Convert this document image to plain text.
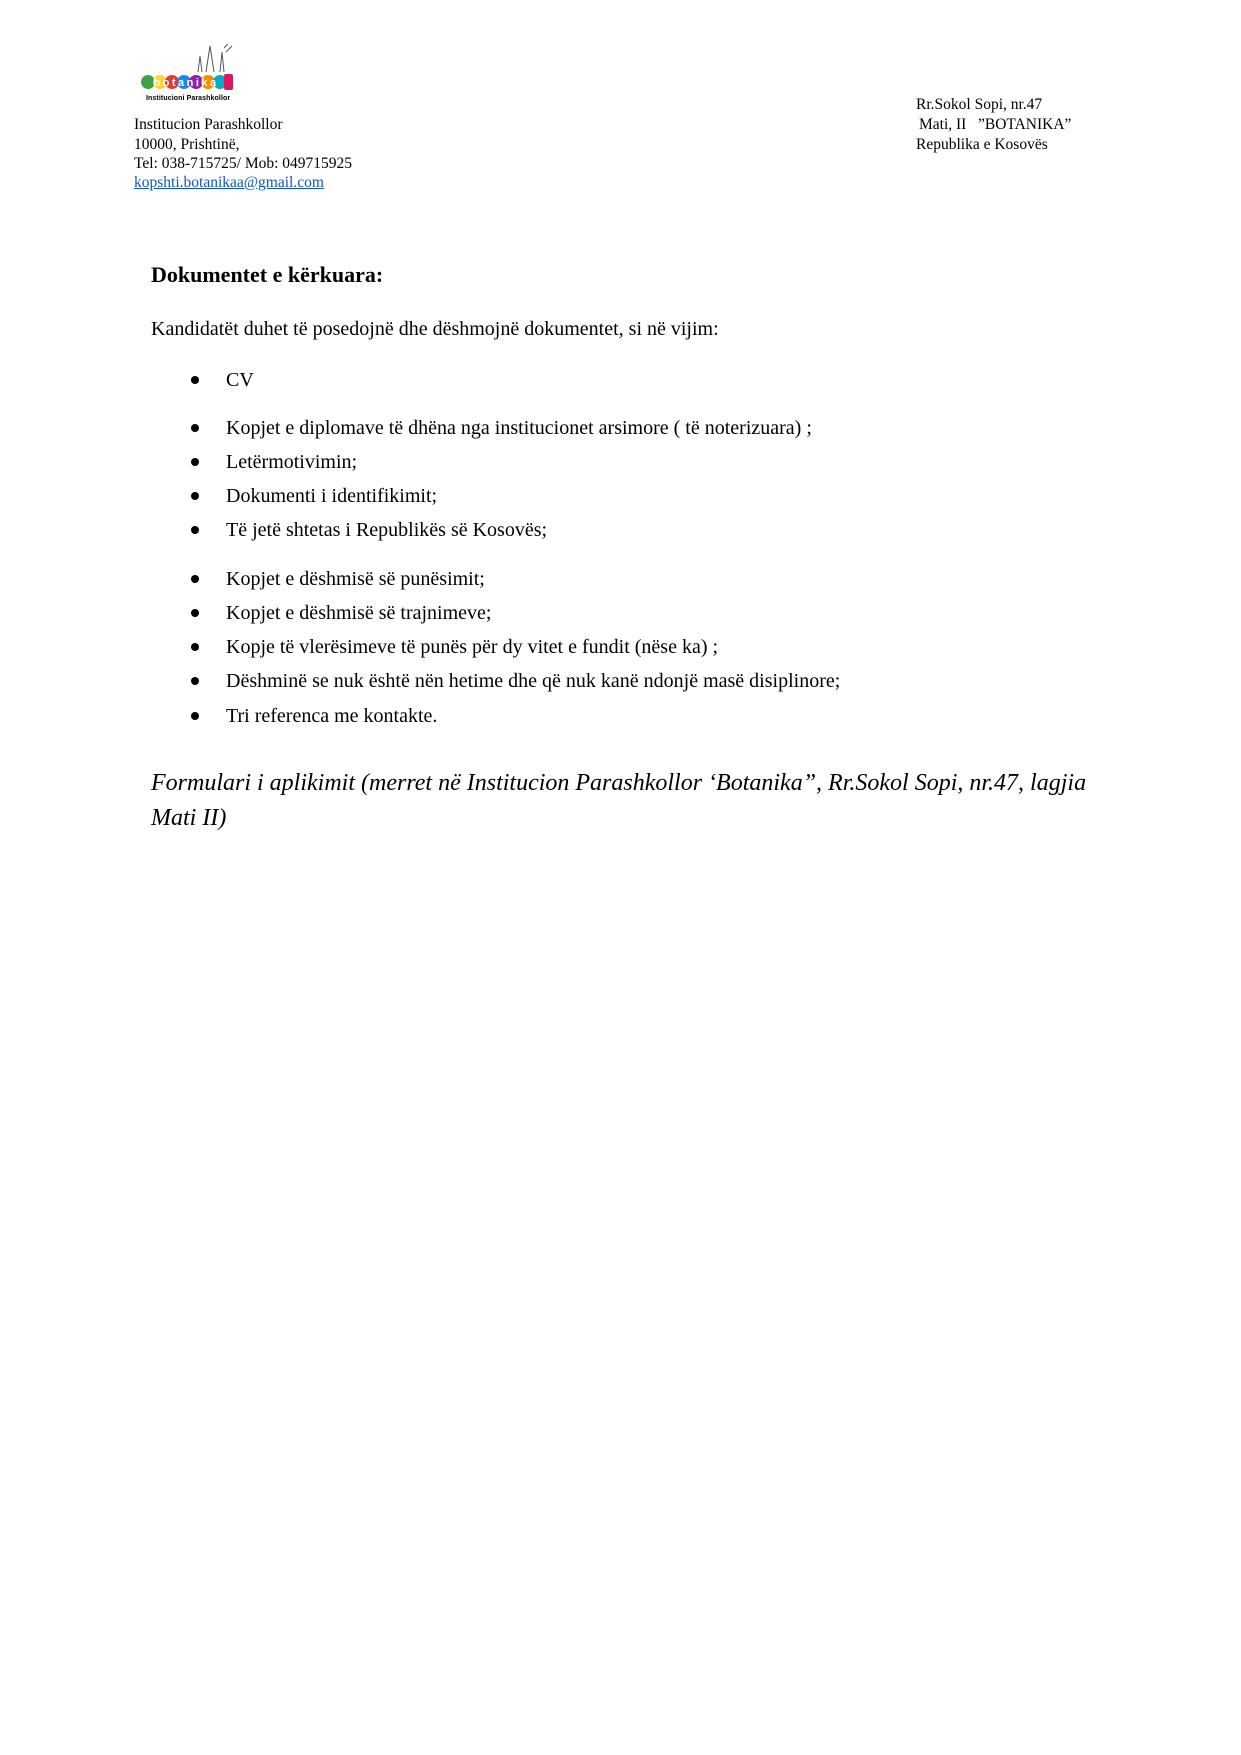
botanika
Institucioni Parashkollor
Institucion Parashkollor
10000, Prishtinë,
Tel: 038-715725/ Mob: 049715925
kopshti.botanikaa@gmail.com
Rr.Sokol Sopi, nr.47
Mati, II   ”BOTANIKA”
Republika e Kosovës
Dokumentet e kërkuara:
Kandidatët duhet të posedojnë dhe dëshmojnë dokumentet, si në vijim:
CV
Kopjet e diplomave të dhëna nga institucionet arsimore ( të noterizuara) ;
Letërmotivimin;
Dokumenti i identifikimit;
Të jetë shtetas i Republikës së Kosovës;
Kopjet e dëshmisë së punësimit;
Kopjet e dëshmisë së trajnimeve;
Kopje të vlerësimeve të punës për dy vitet e fundit (nëse ka) ;
Dëshminë se nuk është nën hetime dhe që nuk kanë ndonjë masë disiplinore;
Tri referenca me kontakte.
Formulari i aplikimit (merret në Institucion Parashkollor ‘Botanika”, Rr.Sokol Sopi, nr.47, lagjia Mati II)
